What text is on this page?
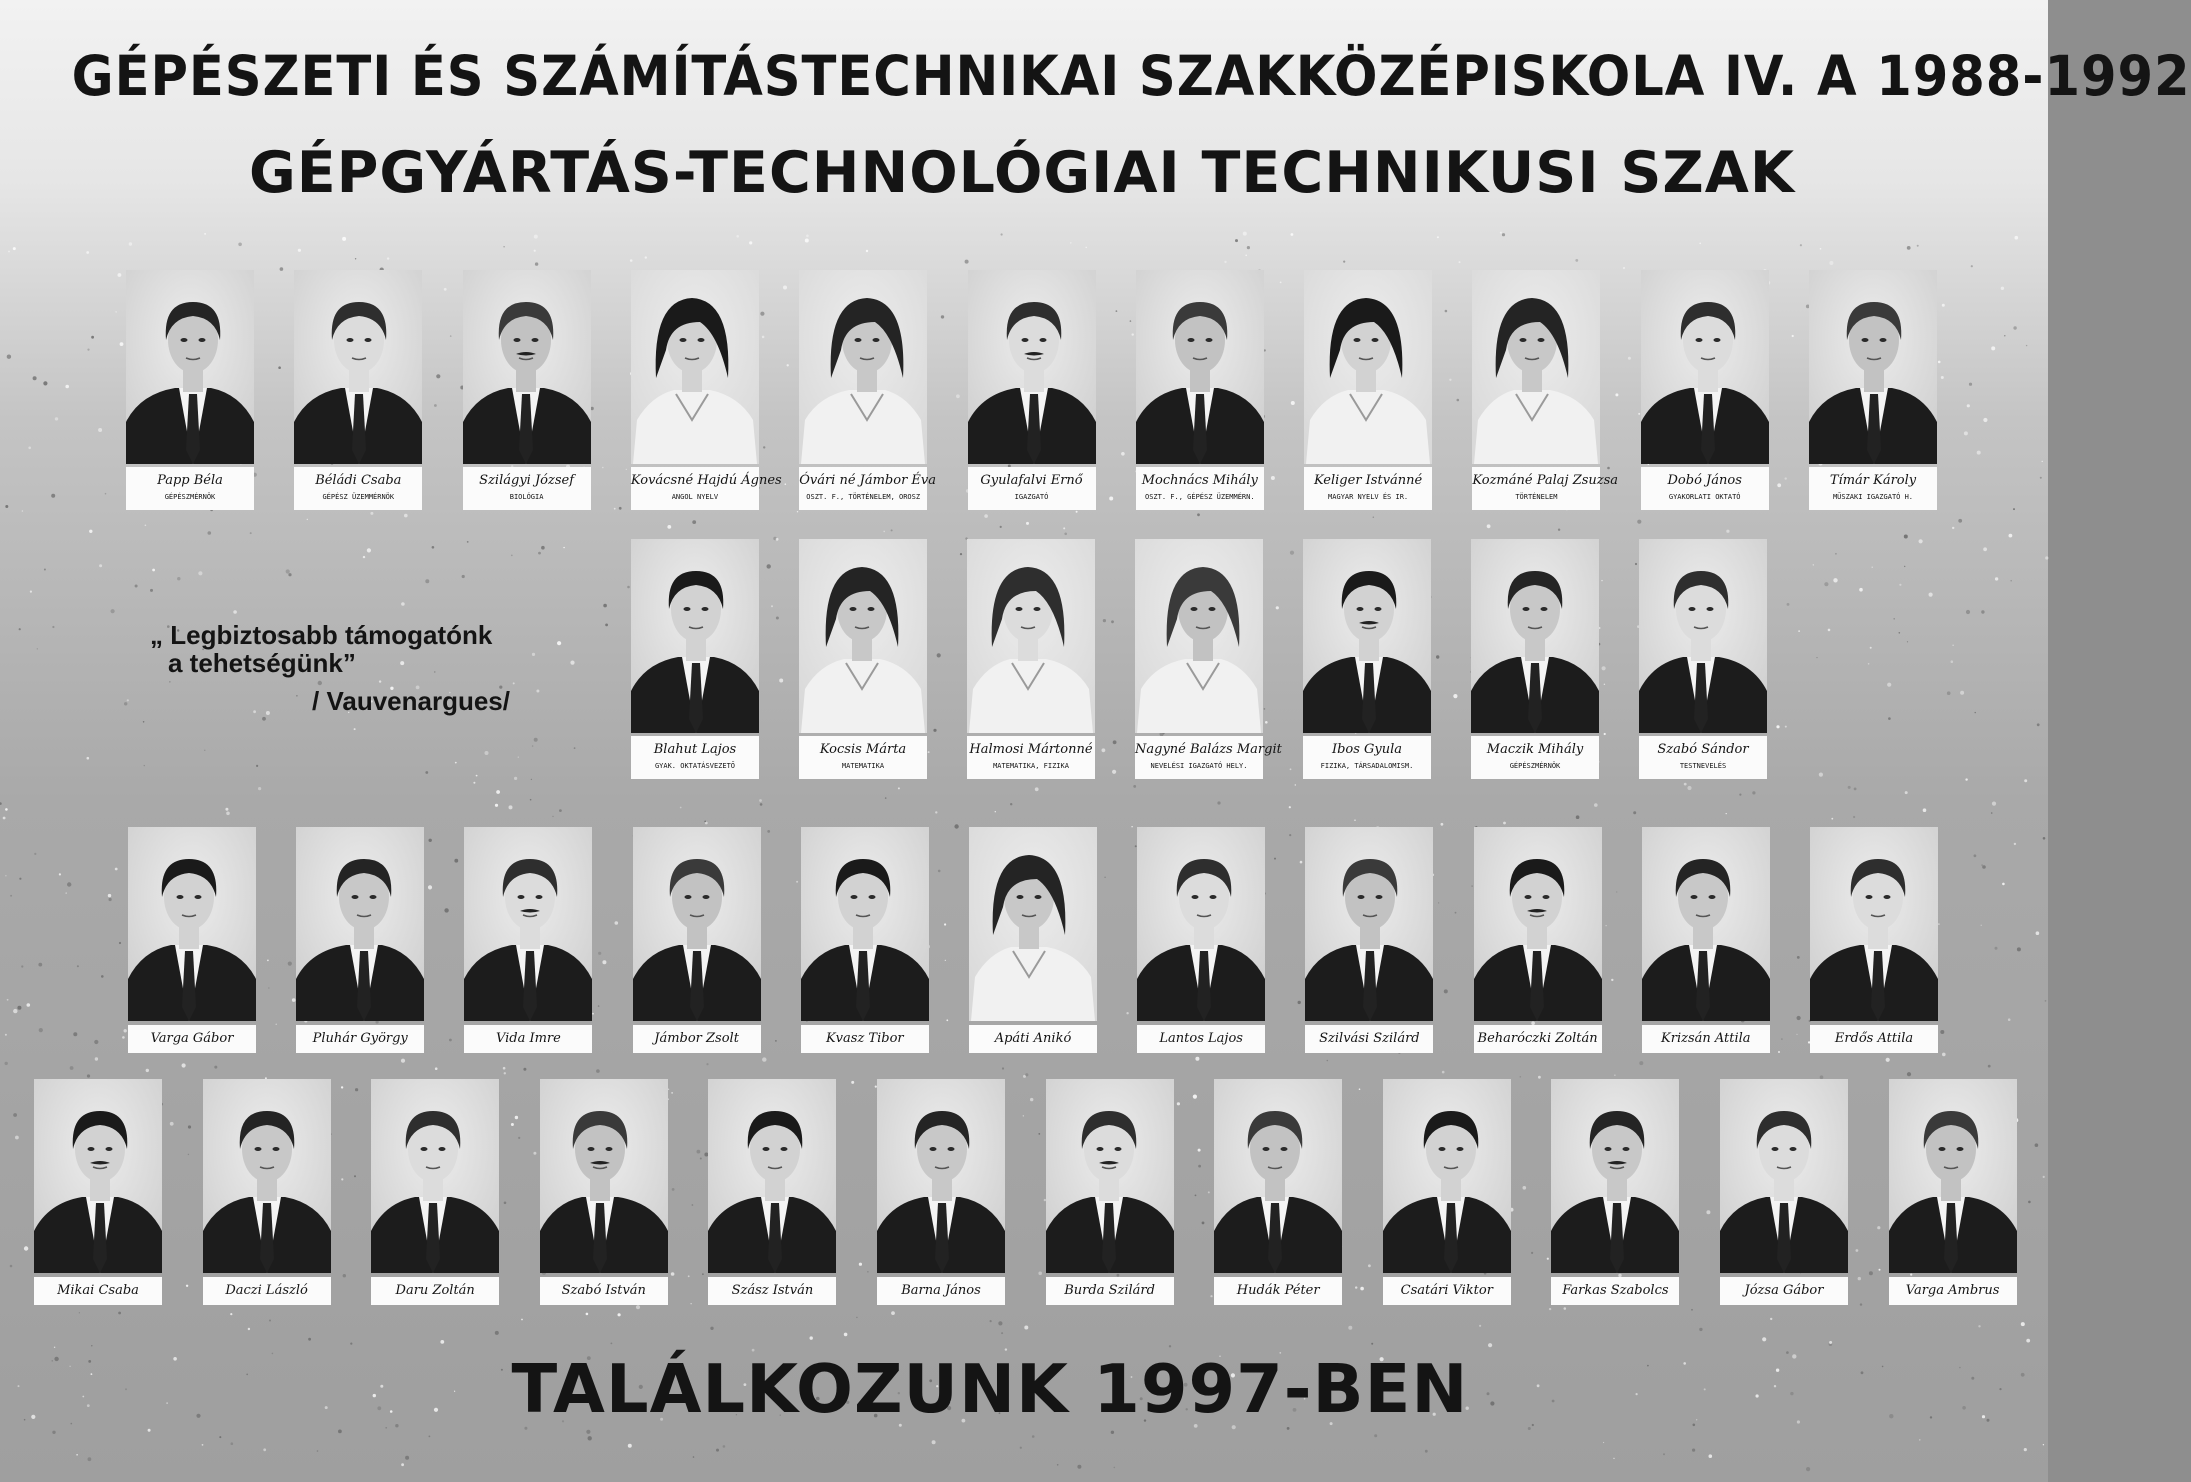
GÉPÉSZETI ÉS SZÁMÍTÁSTECHNIKAI SZAKKÖZÉPISKOLA IV. A 1988-1992
GÉPGYÁRTÁS-TECHNOLÓGIAI TECHNIKUSI SZAK
„ Legbiztosabb támogatónk
a tehetségünk”
/ Vauvenargues/
Papp Béla
GÉPÉSZMÉRNÖK
Béládi Csaba
GÉPÉSZ ÜZEMMÉRNÖK
Szilágyi József
BIOLÓGIA
Kovácsné Hajdú Ágnes
ANGOL NYELV
Óvári né Jámbor Éva
OSZT. F., TÖRTÉNELEM, OROSZ
Gyulafalvi Ernő
IGAZGATÓ
Mochnács Mihály
OSZT. F., GÉPÉSZ ÜZEMMÉRN.
Keliger Istvánné
MAGYAR NYELV ÉS IR.
Kozmáné Palaj Zsuzsa
TÖRTÉNELEM
Dobó János
GYAKORLATI OKTATÓ
Tímár Károly
MŰSZAKI IGAZGATÓ H.
Blahut Lajos
GYAK. OKTATÁSVEZETŐ
Kocsis Márta
MATEMATIKA
Halmosi Mártonné
MATEMATIKA, FIZIKA
Nagyné Balázs Margit
NEVELÉSI IGAZGATÓ HELY.
Ibos Gyula
FIZIKA, TÁRSADALOMISM.
Maczik Mihály
GÉPÉSZMÉRNÖK
Szabó Sándor
TESTNEVELÉS
Varga Gábor	Pluhár György	Vida Imre	Jámbor Zsolt	Kvasz Tibor	Apáti Anikó	Lantos Lajos	Szilvási Szilárd	Beharóczki Zoltán	Krizsán Attila	Erdős Attila
Mikai Csaba	Daczi László	Daru Zoltán	Szabó István	Szász István	Barna János	Burda Szilárd	Hudák Péter	Csatári Viktor	Farkas Szabolcs	Józsa Gábor	Varga Ambrus
TALÁLKOZUNK 1997-BEN
